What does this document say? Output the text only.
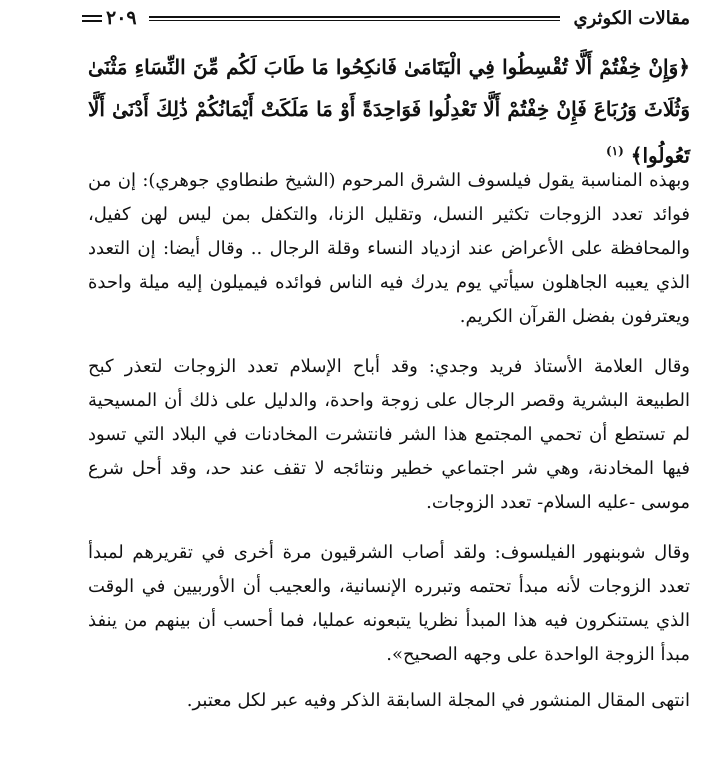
مقالات الكوثري
٢٠٩

﴿وَإِنْ خِفْتُمْ أَلَّا تُقْسِطُوا فِي الْيَتَامَىٰ فَانكِحُوا مَا طَابَ لَكُم مِّنَ النِّسَاءِ مَثْنَىٰ وَثُلَاثَ وَرُبَاعَ فَإِنْ خِفْتُمْ أَلَّا تَعْدِلُوا فَوَاحِدَةً أَوْ مَا مَلَكَتْ أَيْمَانُكُمْ ذَٰلِكَ أَدْنَىٰ أَلَّا تَعُولُوا﴾ $^{(١)}$

وبهذه المناسبة يقول فيلسوف الشرق المرحوم (الشيخ طنطاوي جوهري): إن من فوائد تعدد الزوجات تكثير النسل، وتقليل الزنا، والتكفل بمن ليس لهن كفيل، والمحافظة على الأعراض عند ازدياد النساء وقلة الرجال .. وقال أيضا: إن التعدد الذي يعيبه الجاهلون سيأتي يوم يدرك فيه الناس فوائده فيميلون إليه ميلة واحدة ويعترفون بفضل القرآن الكريم.

وقال العلامة الأستاذ فريد وجدي: وقد أباح الإسلام تعدد الزوجات لتعذر كبح الطبيعة البشرية وقصر الرجال على زوجة واحدة، والدليل على ذلك أن المسيحية لم تستطع أن تحمي المجتمع هذا الشر فانتشرت المخادنات في البلاد التي تسود فيها المخادنة، وهي شر اجتماعي خطير ونتائجه لا تقف عند حد، وقد أحل شرع موسى -عليه السلام- تعدد الزوجات.

وقال شوبنهور الفيلسوف: ولقد أصاب الشرقيون مرة أخرى في تقريرهم لمبدأ تعدد الزوجات لأنه مبدأ تحتمه وتبرره الإنسانية، والعجيب أن الأوربيين في الوقت الذي يستنكرون فيه هذا المبدأ نظريا يتبعونه عمليا، فما أحسب أن بينهم من ينفذ مبدأ الزوجة الواحدة على وجهه الصحيح».

انتهى المقال المنشور في المجلة السابقة الذكر وفيه عبر لكل معتبر.
